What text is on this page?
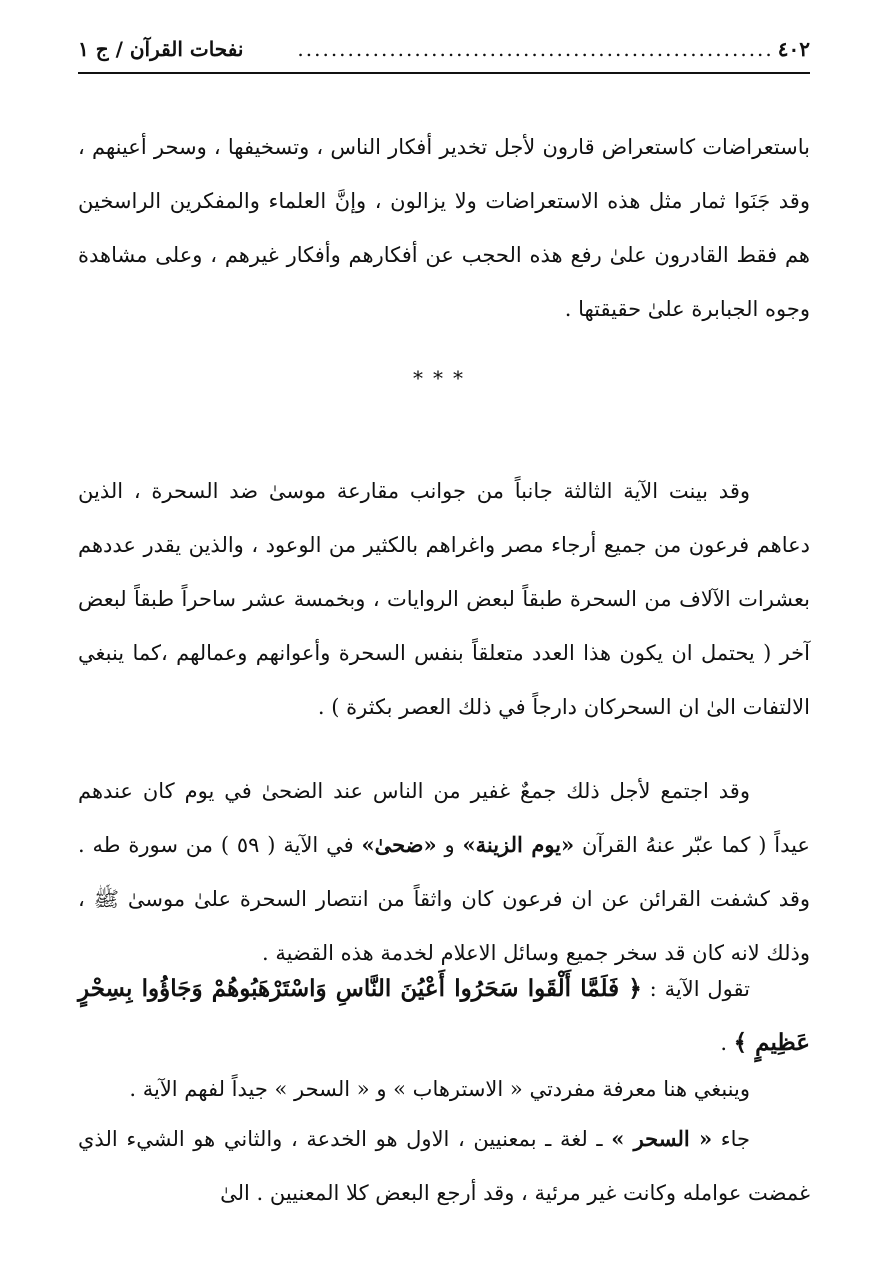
٤٠٢
.........................................................
نفحات القرآن / ج ١

باستعراضات كاستعراض قارون لأجل تخدير أفكار الناس ، وتسخيفها ، وسحر أعينهم ، وقد جَنَوا ثمار مثل هذه الاستعراضات ولا يزالون ، وإنَّ العلماء والمفكرين الراسخين هم فقط القادرون علىٰ رفع هذه الحجب عن أفكارهم وأفكار غيرهم ، وعلى مشاهدة وجوه الجبابرة علىٰ حقيقتها .

***

وقد بينت الآية الثالثة جانباً من جوانب مقارعة موسىٰ ضد السحرة ، الذين دعاهم فرعون من جميع أرجاء مصر واغراهم بالكثير من الوعود ، والذين يقدر عددهم بعشرات الآلاف من السحرة طبقاً لبعض الروايات ، وبخمسة عشر ساحراً طبقاً لبعض آخر ( يحتمل ان يكون هذا العدد متعلقاً بنفس السحرة وأعوانهم وعمالهم ،كما ينبغي الالتفات الىٰ ان السحركان دارجاً في ذلك العصر بكثرة ) .

وقد اجتمع لأجل ذلك جمعٌ غفير من الناس عند الضحىٰ في يوم كان عندهم عيداً ( كما عبّر عنهُ القرآن «يوم الزينة» و «ضحىٰ» في الآية ( ٥٩ ) من سورة طه . وقد كشفت القرائن عن ان فرعون كان واثقاً من انتصار السحرة علىٰ موسىٰ ﷺ ، وذلك لانه كان قد سخر جميع وسائل الاعلام لخدمة هذه القضية .

تقول الآية : ﴿ فَلَمَّا أَلْقَوا سَحَرُوا أَعْيُنَ النَّاسِ وَاسْتَرْهَبُوهُمْ وَجَاؤُوا بِسِحْرٍ عَظِيمٍ ﴾ .

وينبغي هنا معرفة مفردتي « الاسترهاب » و « السحر » جيداً لفهم الآية .

جاء « السحر » ـ لغة ـ بمعنيين ، الاول هو الخدعة ، والثاني هو الشيء الذي غمضت عوامله وكانت غير مرئية ، وقد أرجع البعض كلا المعنيين . الىٰ
